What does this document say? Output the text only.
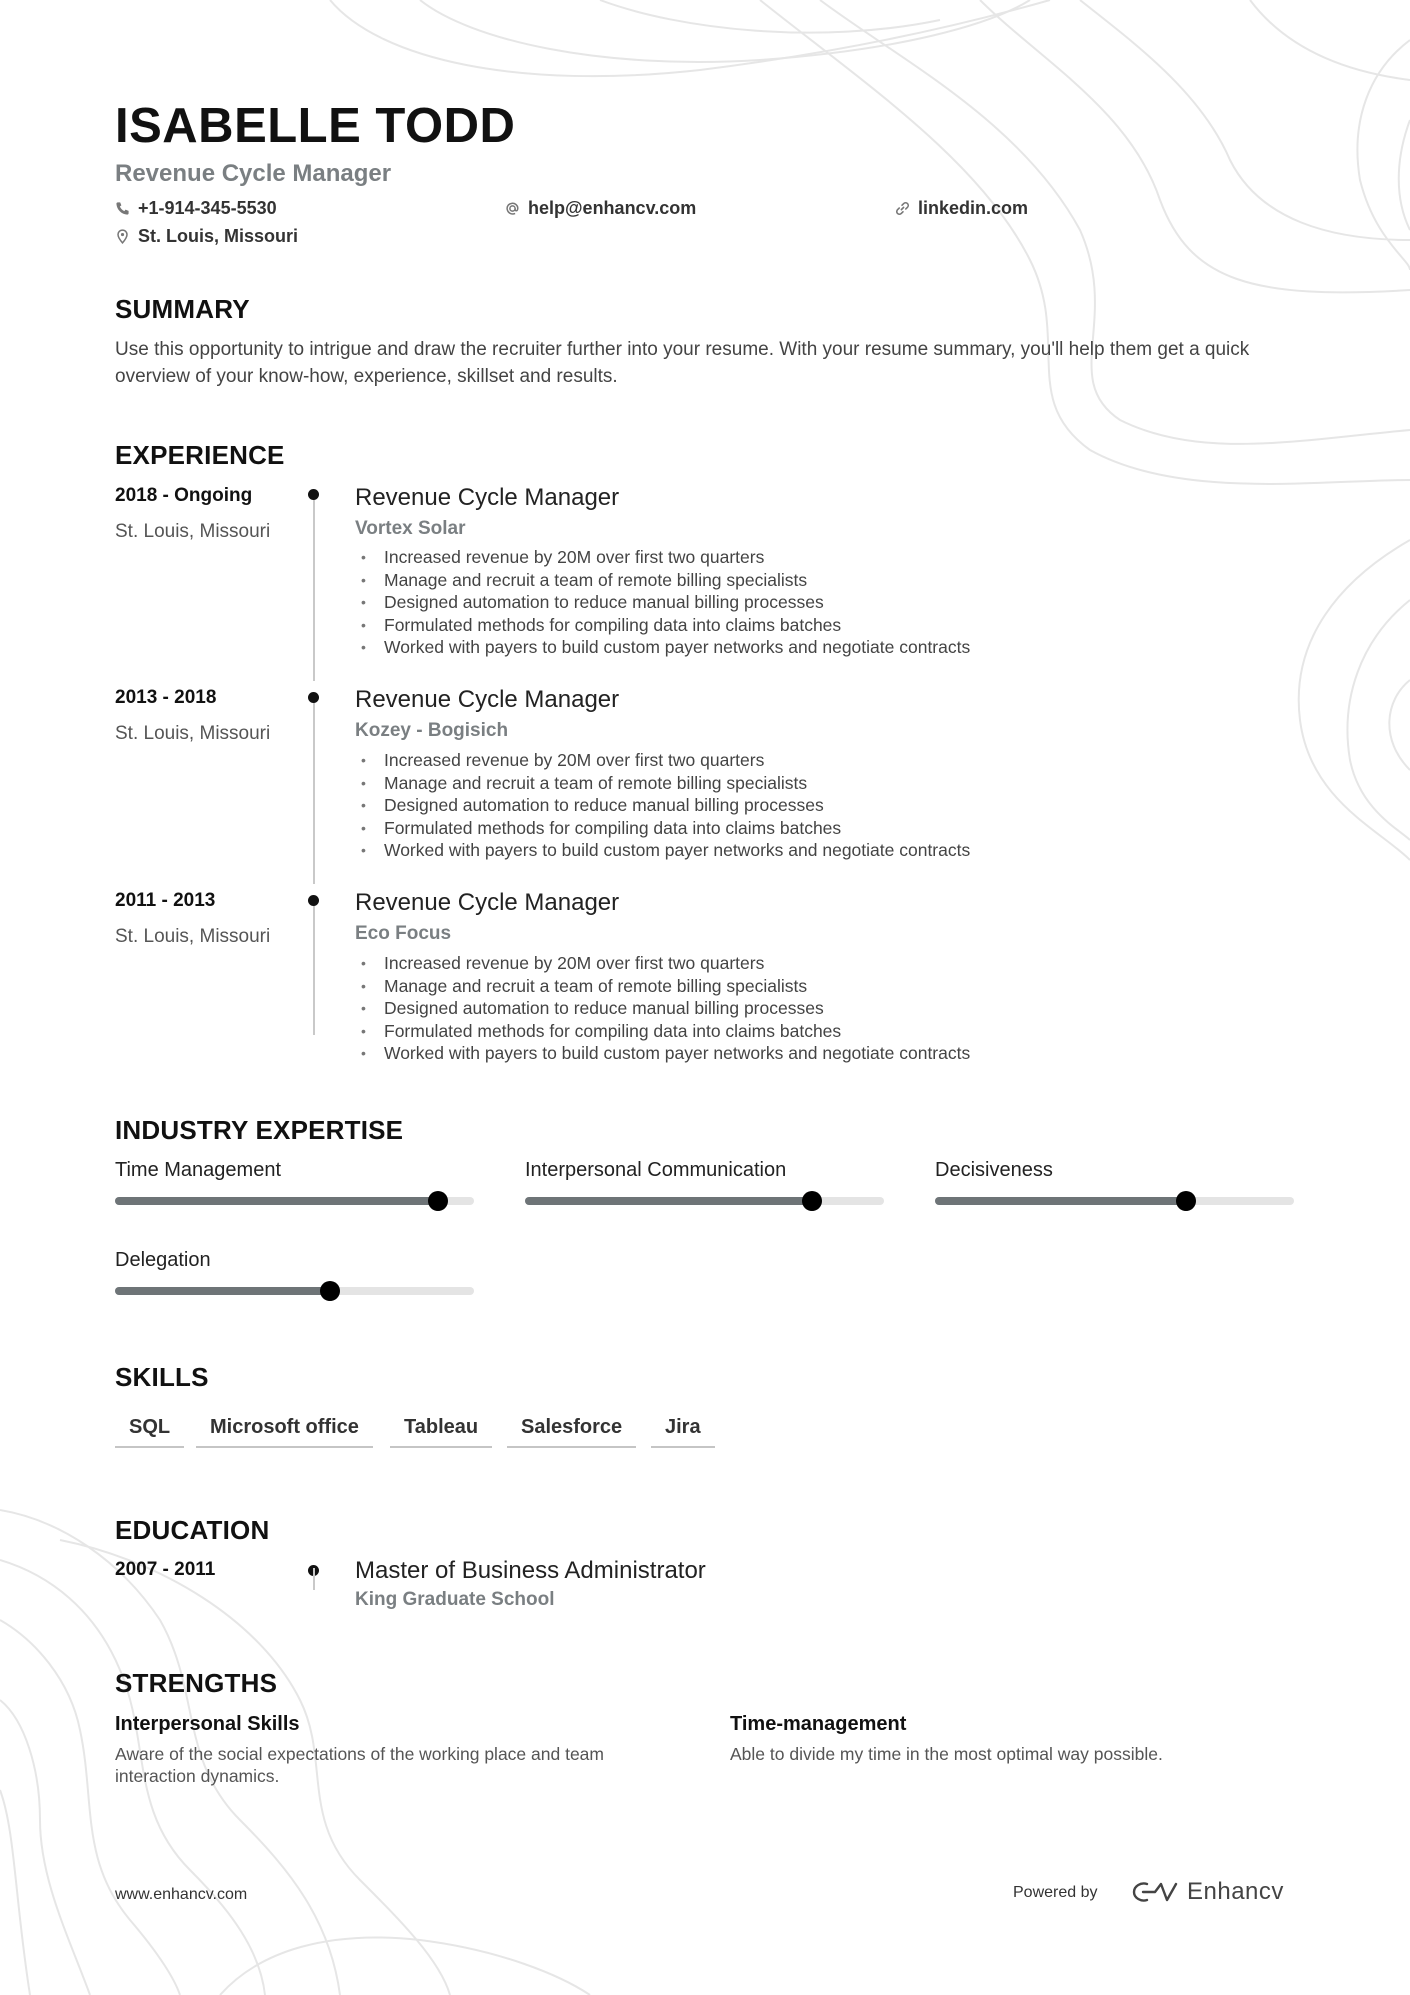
ISABELLE TODD
Revenue Cycle Manager
+1-914-345-5530	help@enhancv.com	linkedin.com
St. Louis, Missouri
SUMMARY
Use this opportunity to intrigue and draw the recruiter further into your resume. With your resume summary, you'll help them get a quick overview of your know-how, experience, skillset and results.
EXPERIENCE
2018 - Ongoing
St. Louis, Missouri
Revenue Cycle Manager
Vortex Solar
• Increased revenue by 20M over first two quarters
• Manage and recruit a team of remote billing specialists
• Designed automation to reduce manual billing processes
• Formulated methods for compiling data into claims batches
• Worked with payers to build custom payer networks and negotiate contracts
2013 - 2018
St. Louis, Missouri
Revenue Cycle Manager
Kozey - Bogisich
• Increased revenue by 20M over first two quarters
• Manage and recruit a team of remote billing specialists
• Designed automation to reduce manual billing processes
• Formulated methods for compiling data into claims batches
• Worked with payers to build custom payer networks and negotiate contracts
2011 - 2013
St. Louis, Missouri
Revenue Cycle Manager
Eco Focus
• Increased revenue by 20M over first two quarters
• Manage and recruit a team of remote billing specialists
• Designed automation to reduce manual billing processes
• Formulated methods for compiling data into claims batches
• Worked with payers to build custom payer networks and negotiate contracts
INDUSTRY EXPERTISE
Time Management	Interpersonal Communication	Decisiveness
Delegation
SKILLS
SQL	Microsoft office	Tableau	Salesforce	Jira
EDUCATION
2007 - 2011	Master of Business Administrator
King Graduate School
STRENGTHS
Interpersonal Skills
Aware of the social expectations of the working place and team interaction dynamics.
Time-management
Able to divide my time in the most optimal way possible.
www.enhancv.com	Powered by	Enhancv
